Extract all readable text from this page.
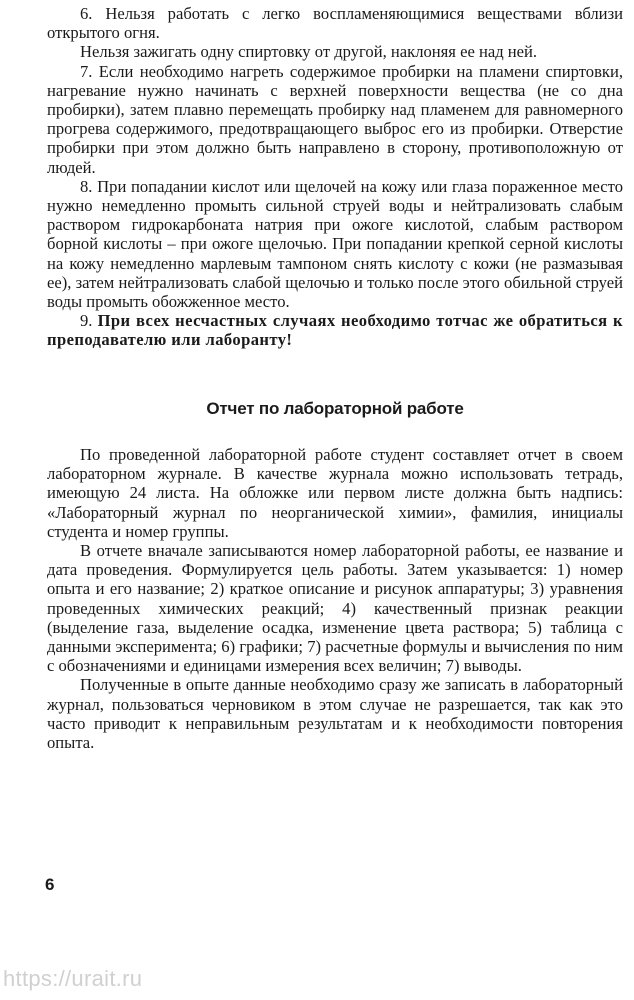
6. Нельзя работать с легко воспламеняющимися веществами вблизи открытого огня.

Нельзя зажигать одну спиртовку от другой, наклоняя ее над ней.

7. Если необходимо нагреть содержимое пробирки на пламени спиртовки, нагревание нужно начинать с верхней поверхности вещества (не со дна пробирки), затем плавно перемещать пробирку над пламенем для равномерного прогрева содержимого, предотвращающего выброс его из пробирки. Отверстие пробирки при этом должно быть направлено в сторону, противоположную от людей.

8. При попадании кислот или щелочей на кожу или глаза пораженное место нужно немедленно промыть сильной струей воды и нейтрализовать слабым раствором гидрокарбоната натрия при ожоге кислотой, слабым раствором борной кислоты – при ожоге щелочью. При попадании крепкой серной кислоты на кожу немедленно марлевым тампоном снять кислоту с кожи (не размазывая ее), затем нейтрализовать слабой щелочью и только после этого обильной струей воды промыть обожженное место.

9. При всех несчастных случаях необходимо тотчас же обратиться к преподавателю или лаборанту!

Отчет по лабораторной работе

По проведенной лабораторной работе студент составляет отчет в своем лабораторном журнале. В качестве журнала можно использовать тетрадь, имеющую 24 листа. На обложке или первом листе должна быть надпись: «Лабораторный журнал по неорганической химии», фамилия, инициалы студента и номер группы.

В отчете вначале записываются номер лабораторной работы, ее название и дата проведения. Формулируется цель работы. Затем указывается: 1) номер опыта и его название; 2) краткое описание и рисунок аппаратуры; 3) уравнения проведенных химических реакций; 4) качественный признак реакции (выделение газа, выделение осадка, изменение цвета раствора; 5) таблица с данными эксперимента; 6) графики; 7) расчетные формулы и вычисления по ним с обозначениями и единицами измерения всех величин; 7) выводы.

Полученные в опыте данные необходимо сразу же записать в лабораторный журнал, пользоваться черновиком в этом случае не разрешается, так как это часто приводит к неправильным результатам и к необходимости повторения опыта.

6
https://urait.ru
